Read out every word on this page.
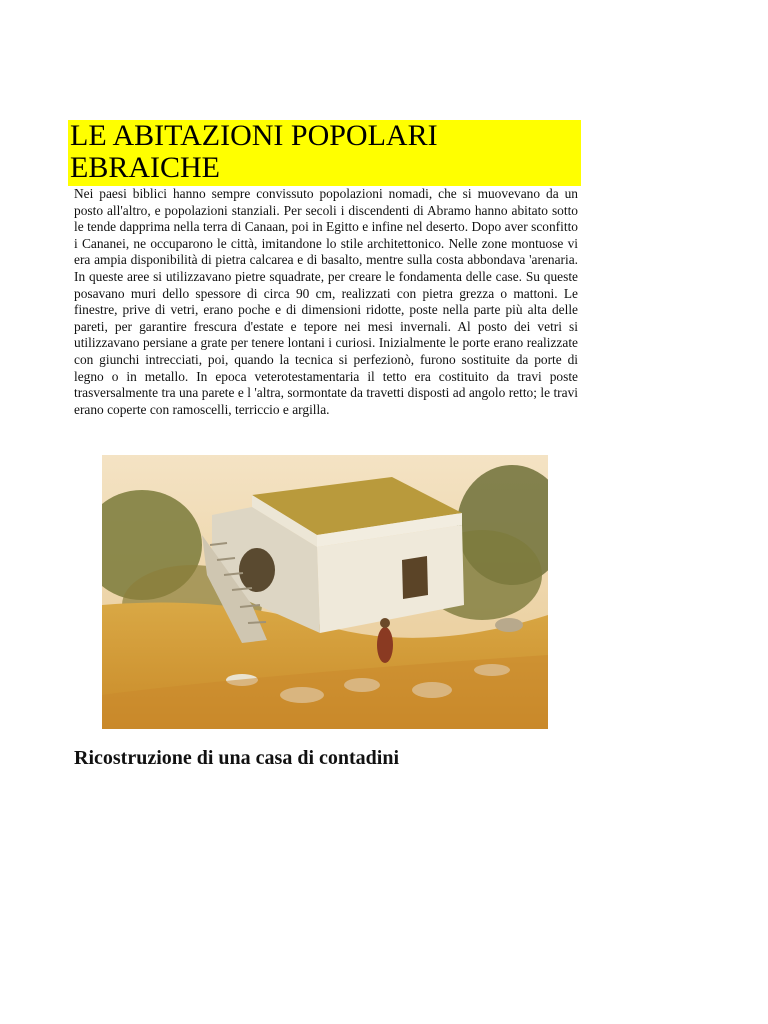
LE ABITAZIONI POPOLARI EBRAICHE

Nei paesi biblici hanno sempre convissuto popolazioni nomadi, che si muovevano da un posto all'altro, e popolazioni stanziali. Per secoli i discendenti di Abramo hanno abitato sotto le tende dapprima nella terra di Canaan, poi in Egitto e infine nel deserto. Dopo aver sconfitto i Cananei, ne occuparono le città, imitandone lo stile architettonico. Nelle zone montuose vi era ampia disponibilità di pietra calcarea e di basalto, mentre sulla costa abbondava 'arenaria. In queste aree si utilizzavano pietre squadrate, per creare le fondamenta delle case. Su queste posavano muri dello spessore di circa 90 cm, realizzati con pietra grezza o mattoni. Le finestre, prive di vetri, erano poche e di dimensioni ridotte, poste nella parte più alta delle pareti, per garantire frescura d'estate e tepore nei mesi invernali. Al posto dei vetri si utilizzavano persiane a grate per tenere lontani i curiosi. Inizialmente le porte erano realizzate con giunchi intrecciati, poi, quando la tecnica si perfezionò, furono sostituite da porte di legno o in metallo. In epoca veterotestamentaria il tetto era costituito da travi poste trasversalmente tra una parete e l 'altra, sormontate da travetti disposti ad angolo retto; le travi erano coperte con ramoscelli, terriccio e argilla.

Ricostruzione di una casa di contadini
